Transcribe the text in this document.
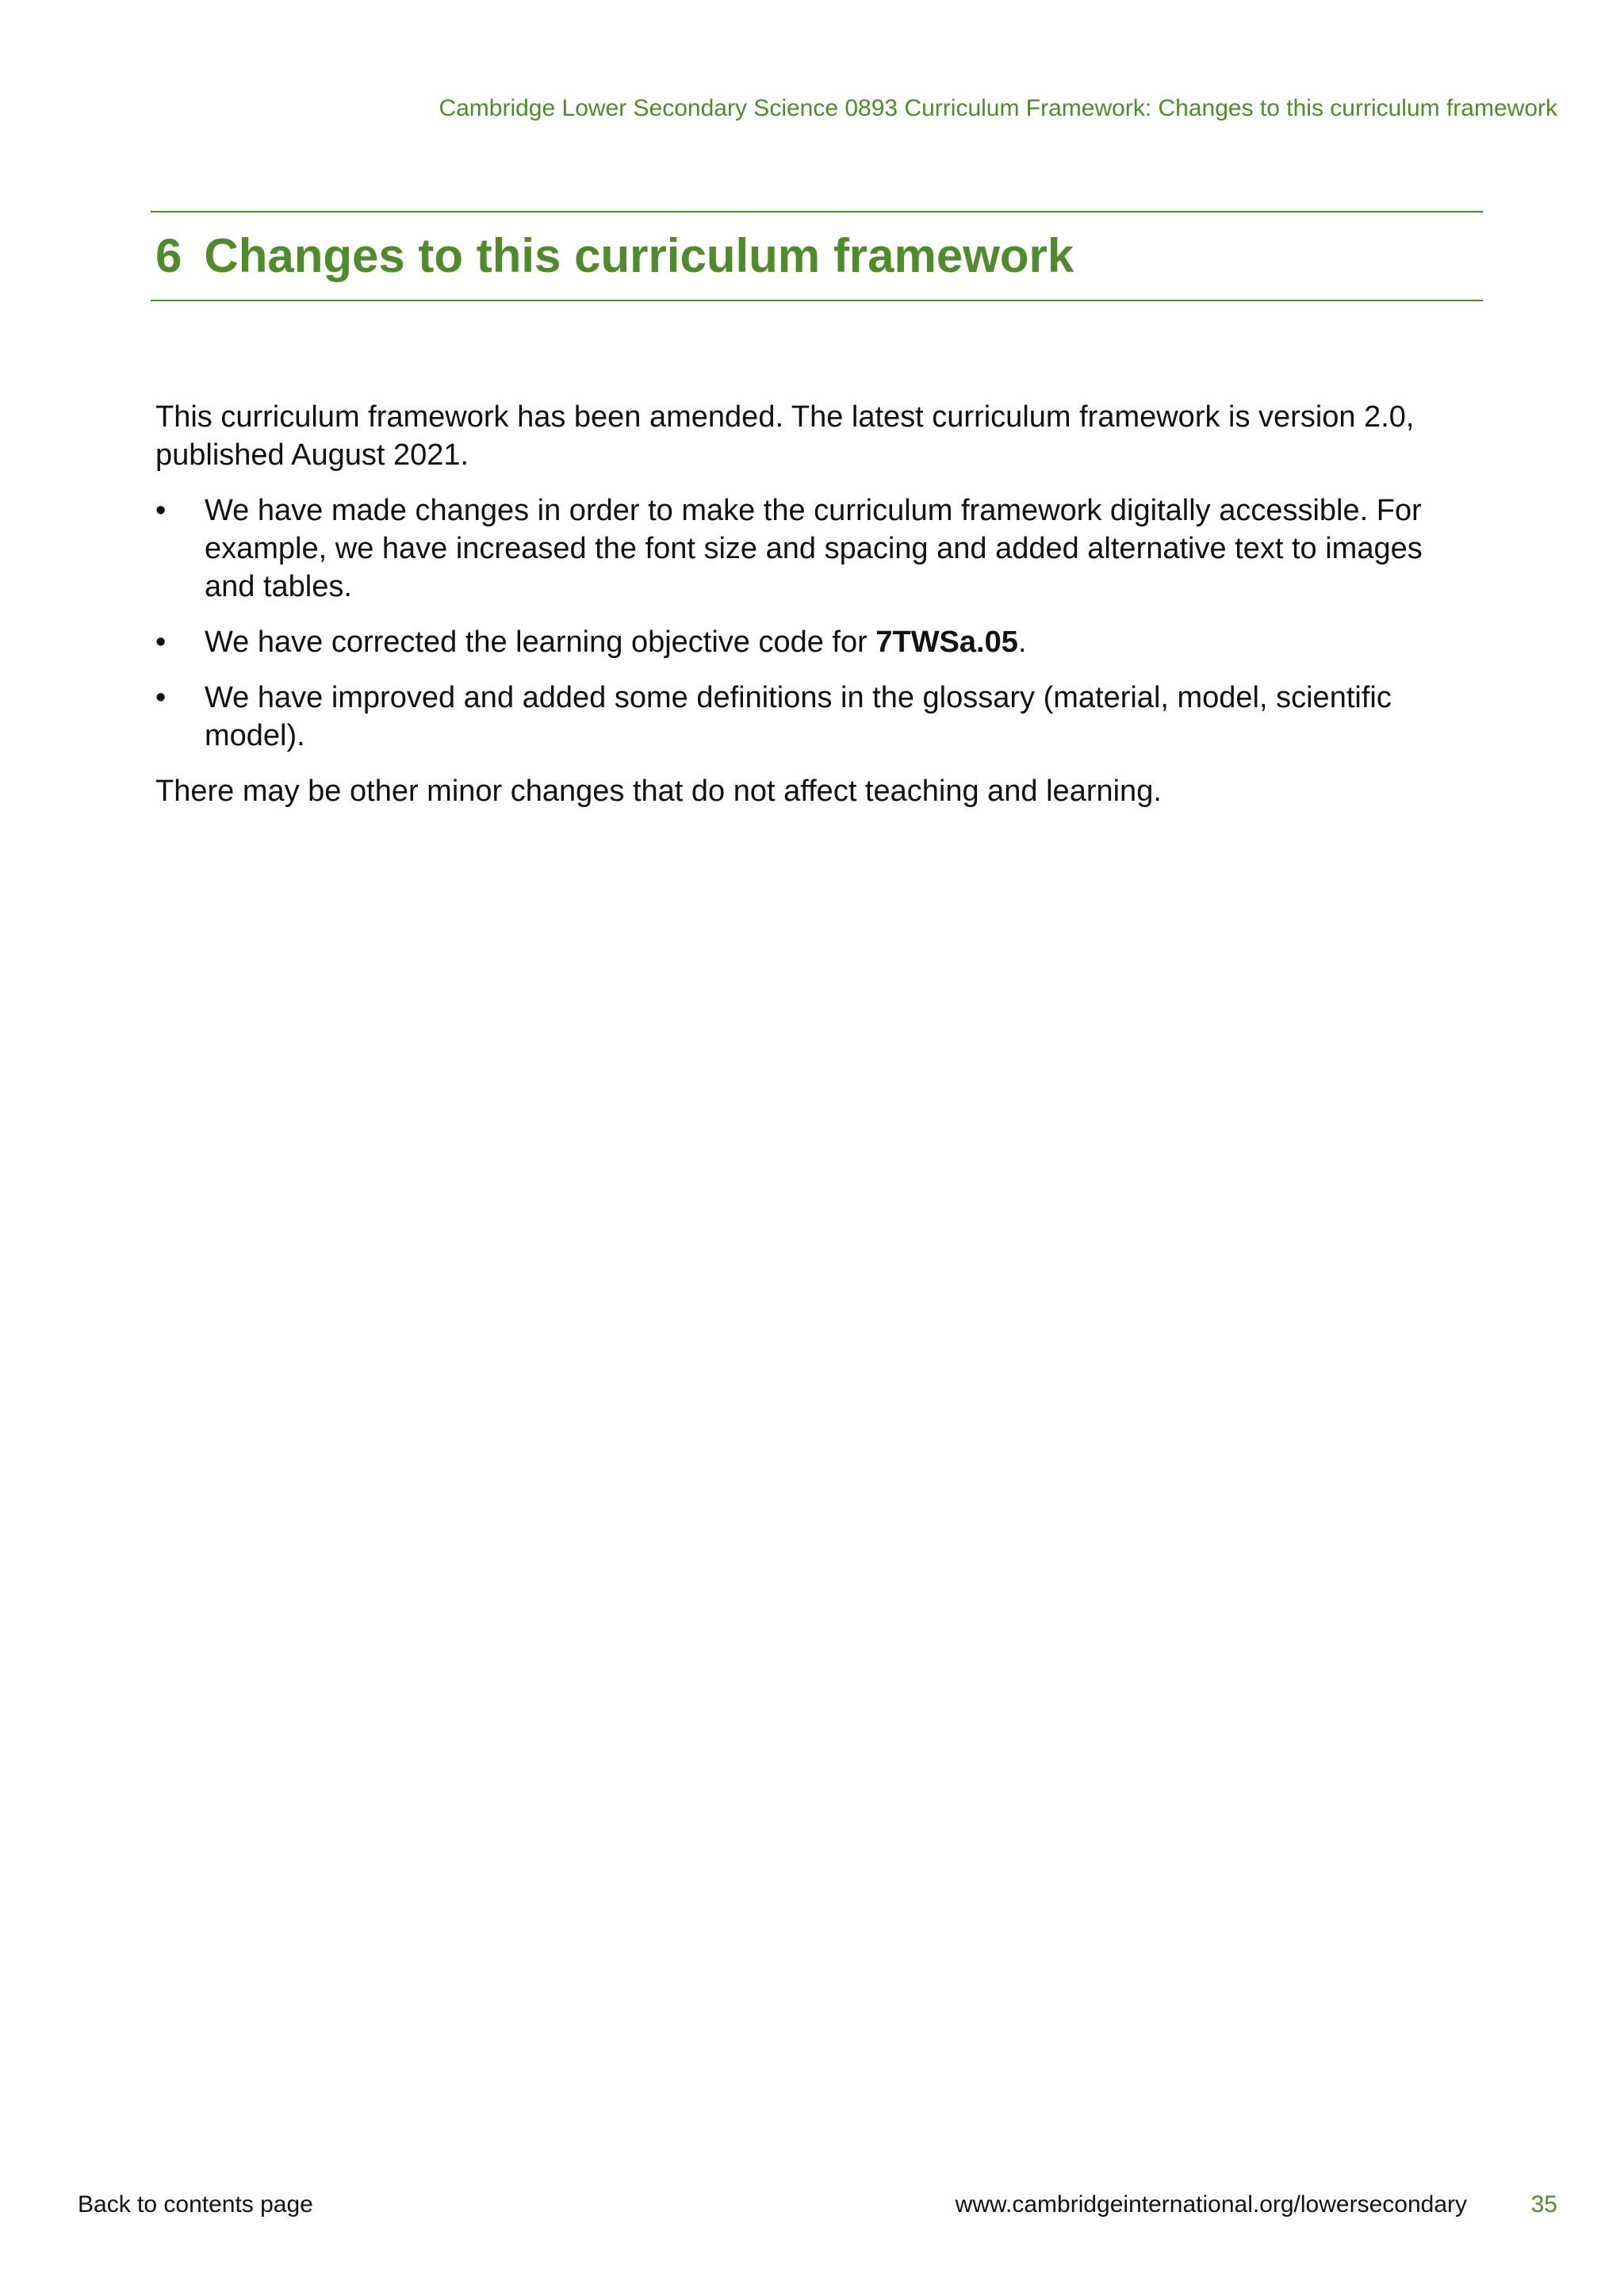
Cambridge Lower Secondary Science 0893 Curriculum Framework: Changes to this curriculum framework
6 Changes to this curriculum framework

This curriculum framework has been amended. The latest curriculum framework is version 2.0, published August 2021.

• We have made changes in order to make the curriculum framework digitally accessible. For example, we have increased the font size and spacing and added alternative text to images and tables.
• We have corrected the learning objective code for 7TWSa.05.
• We have improved and added some definitions in the glossary (material, model, scientific model).

There may be other minor changes that do not affect teaching and learning.

Back to contents page	www.cambridgeinternational.org/lowersecondary	35
